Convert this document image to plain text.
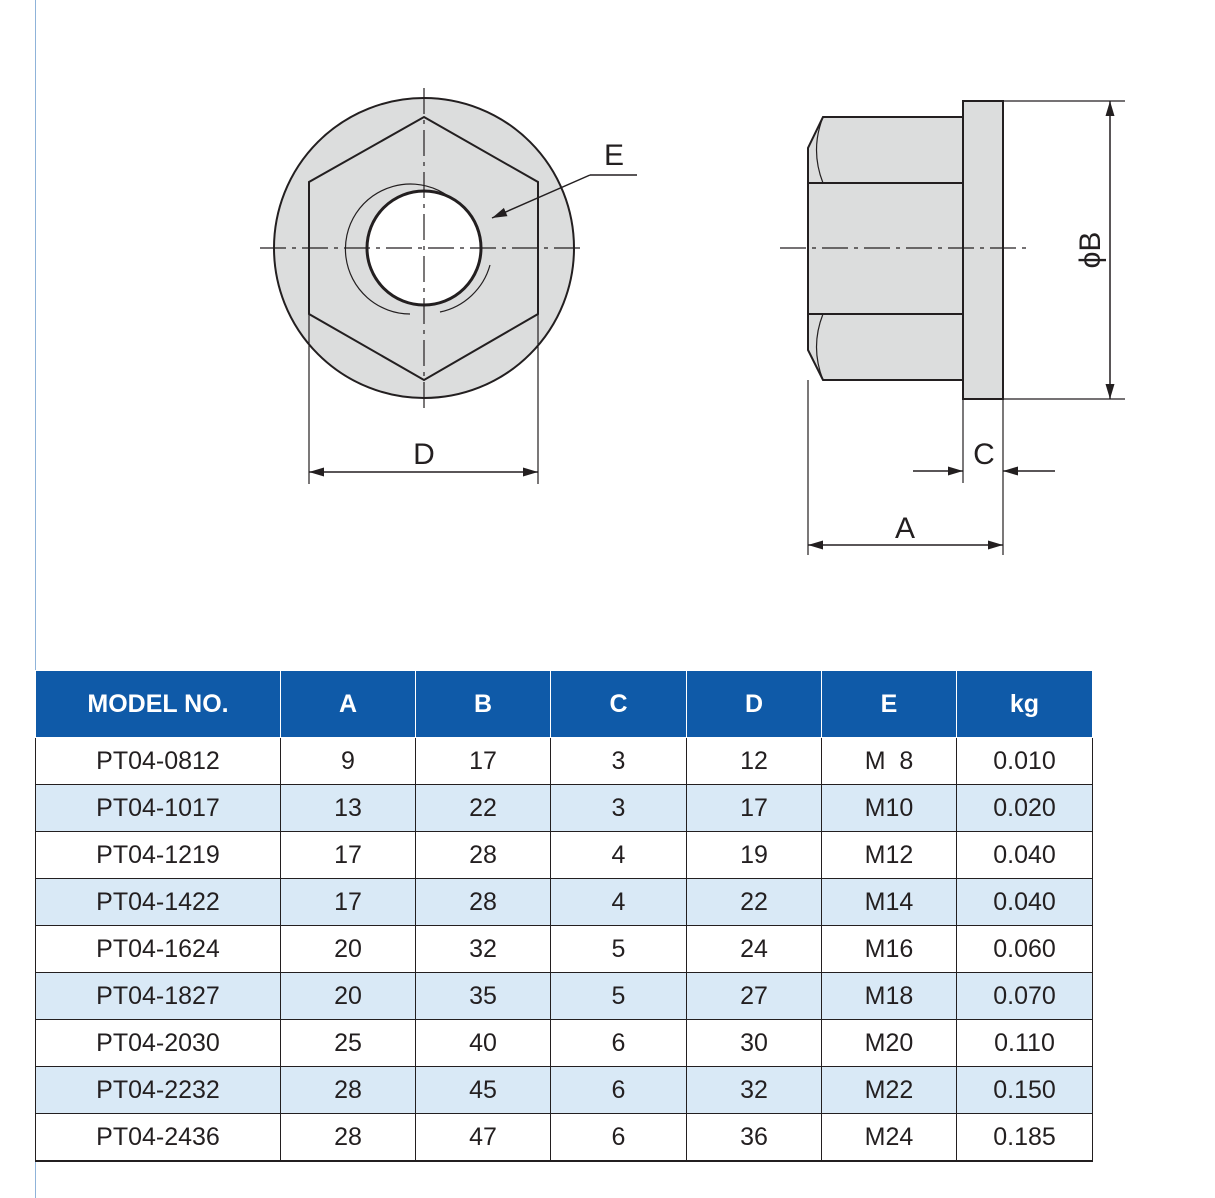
D
E
A
C
ϕB
MODEL NO.	A	B	C	D	E	kg
PT04-0812	9	17	3	12	M  8	0.010
PT04-1017	13	22	3	17	M10	0.020
PT04-1219	17	28	4	19	M12	0.040
PT04-1422	17	28	4	22	M14	0.040
PT04-1624	20	32	5	24	M16	0.060
PT04-1827	20	35	5	27	M18	0.070
PT04-2030	25	40	6	30	M20	0.110
PT04-2232	28	45	6	32	M22	0.150
PT04-2436	28	47	6	36	M24	0.185
